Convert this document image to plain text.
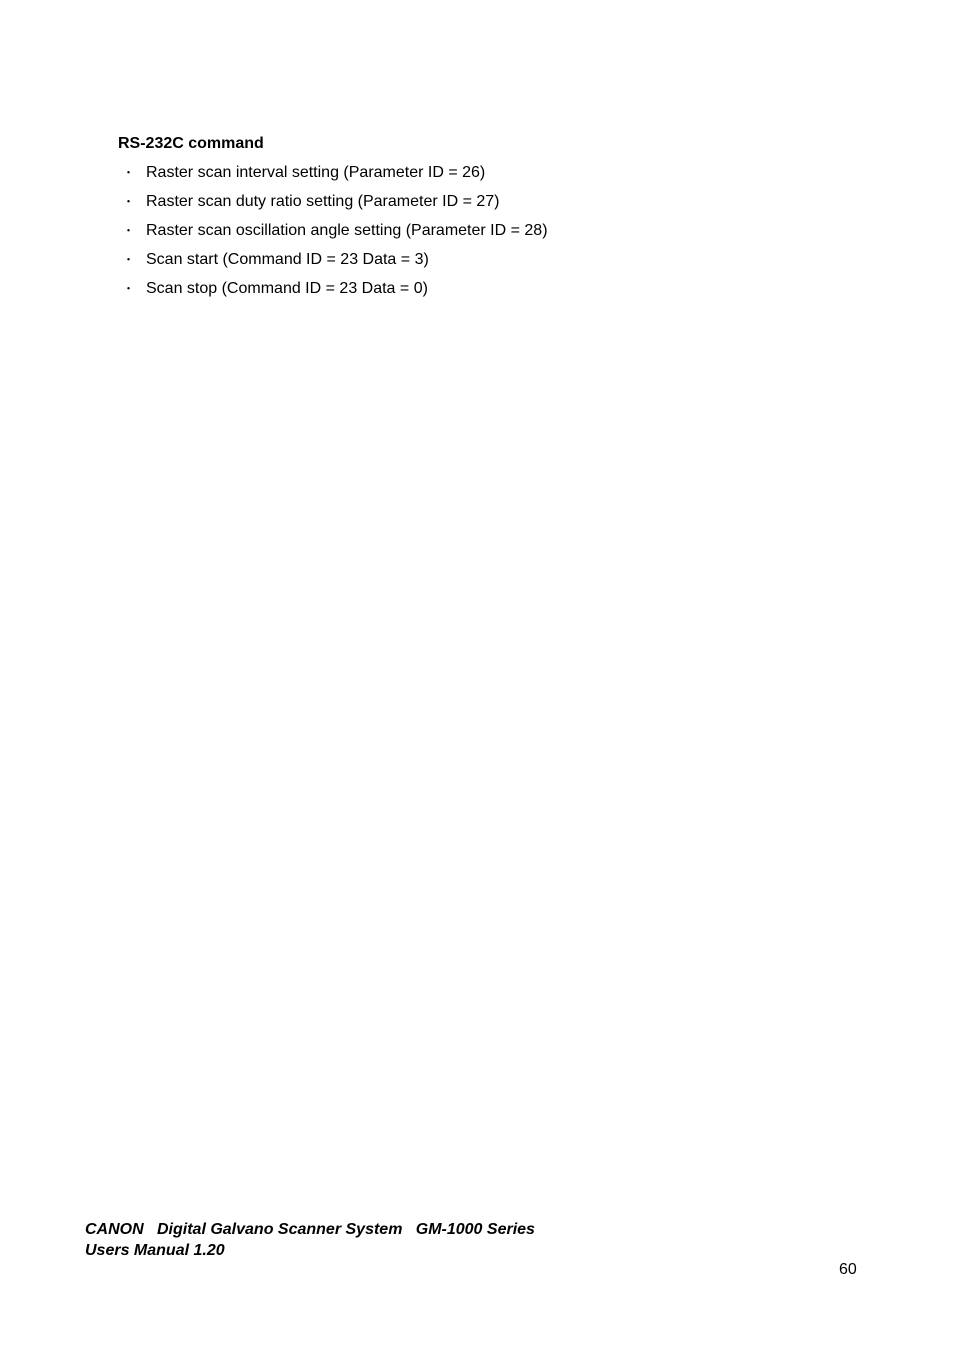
RS-232C command
・ Raster scan interval setting (Parameter ID = 26)
・ Raster scan duty ratio setting (Parameter ID = 27)
・ Raster scan oscillation angle setting (Parameter ID = 28)
・ Scan start (Command ID = 23 Data = 3)
・ Scan stop (Command ID = 23 Data = 0)
CANON   Digital Galvano Scanner System   GM-1000 Series
Users Manual 1.20
60
